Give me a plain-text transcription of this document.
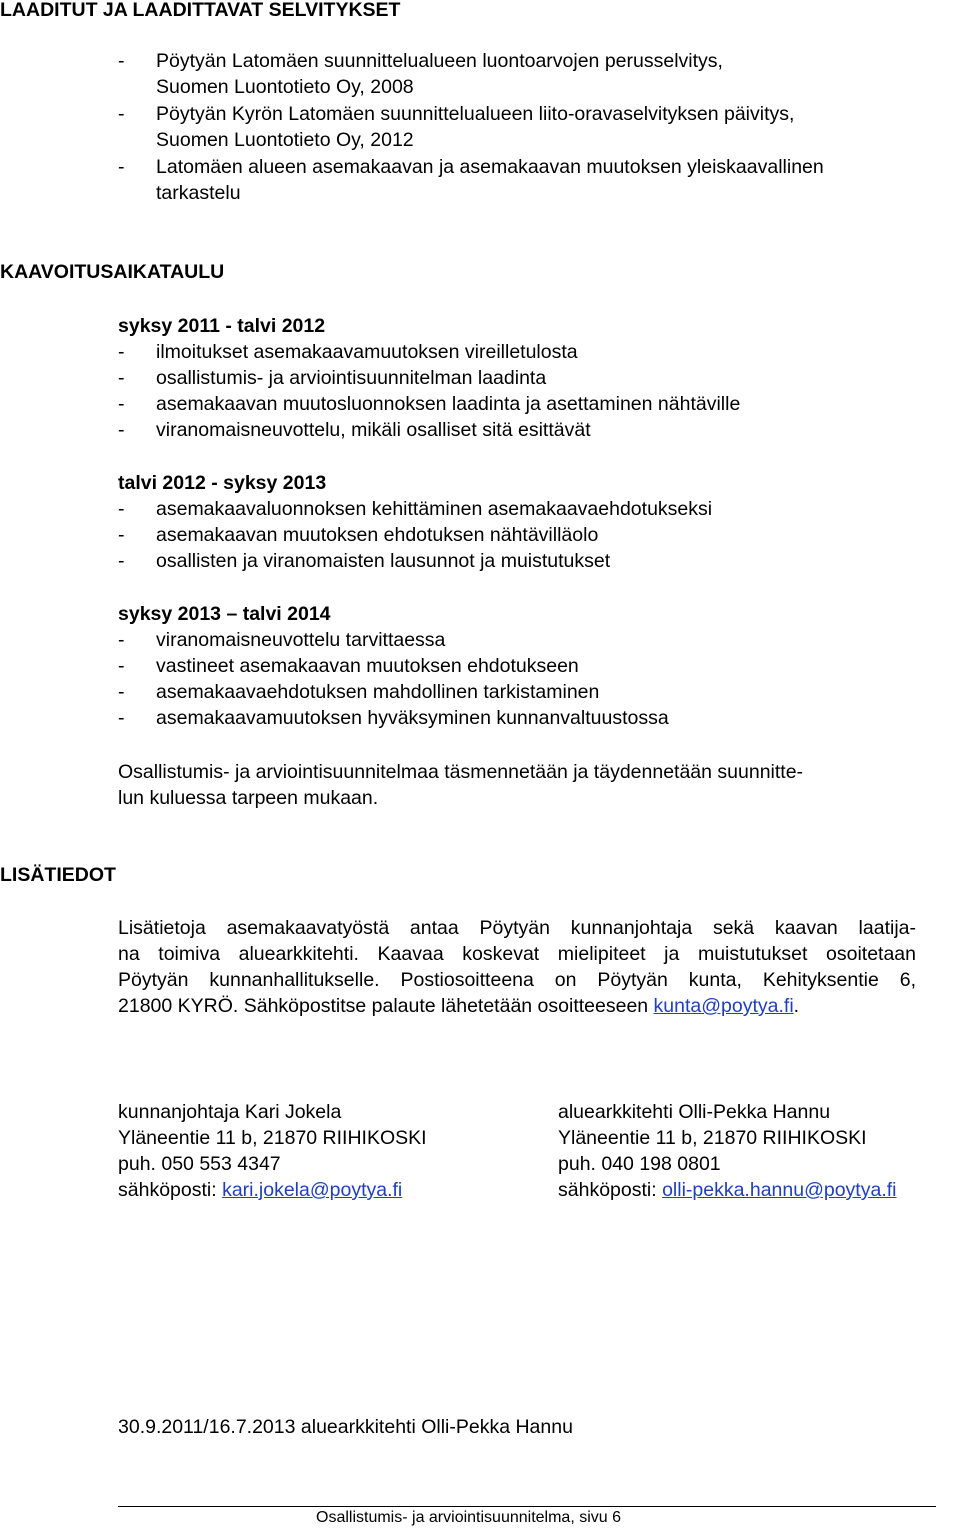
LAADITUT JA LAADITTAVAT SELVITYKSET
- Pöytyän Latomäen suunnittelualueen luontoarvojen perusselvitys,
Suomen Luontotieto Oy, 2008
- Pöytyän Kyrön Latomäen suunnittelualueen liito-oravaselvityksen päivitys,
Suomen Luontotieto Oy, 2012
- Latomäen alueen asemakaavan ja asemakaavan muutoksen yleiskaavallinen
tarkastelu
KAAVOITUSAIKATAULU
syksy 2011 - talvi 2012
- ilmoitukset asemakaavamuutoksen vireilletulosta
- osallistumis- ja arviointisuunnitelman laadinta
- asemakaavan muutosluonnoksen laadinta ja asettaminen nähtäville
- viranomaisneuvottelu, mikäli osalliset sitä esittävät
talvi 2012 - syksy 2013
- asemakaavaluonnoksen kehittäminen asemakaavaehdotukseksi
- asemakaavan muutoksen ehdotuksen nähtävilläolo
- osallisten ja viranomaisten lausunnot ja muistutukset
syksy 2013 – talvi 2014
- viranomaisneuvottelu tarvittaessa
- vastineet asemakaavan muutoksen ehdotukseen
- asemakaavaehdotuksen mahdollinen tarkistaminen
- asemakaavamuutoksen hyväksyminen kunnanvaltuustossa
Osallistumis- ja arviointisuunnitelmaa täsmennetään ja täydennetään suunnitte-
lun kuluessa tarpeen mukaan.
LISÄTIEDOT
Lisätietoja asemakaavatyöstä antaa Pöytyän kunnanjohtaja sekä kaavan laatija-
na toimiva aluearkkitehti. Kaavaa koskevat mielipiteet ja muistutukset osoitetaan
Pöytyän kunnanhallitukselle. Postiosoitteena on Pöytyän kunta, Kehityksentie 6,
21800 KYRÖ. Sähköpostitse palaute lähetetään osoitteeseen kunta@poytya.fi.
kunnanjohtaja Kari Jokela
Yläneentie 11 b, 21870 RIIHIKOSKI
puh. 050 553 4347
sähköposti: kari.jokela@poytya.fi
aluearkkitehti Olli-Pekka Hannu
Yläneentie 11 b, 21870 RIIHIKOSKI
puh. 040 198 0801
sähköposti: olli-pekka.hannu@poytya.fi
30.9.2011/16.7.2013 aluearkkitehti Olli-Pekka Hannu
Osallistumis- ja arviointisuunnitelma, sivu 6
